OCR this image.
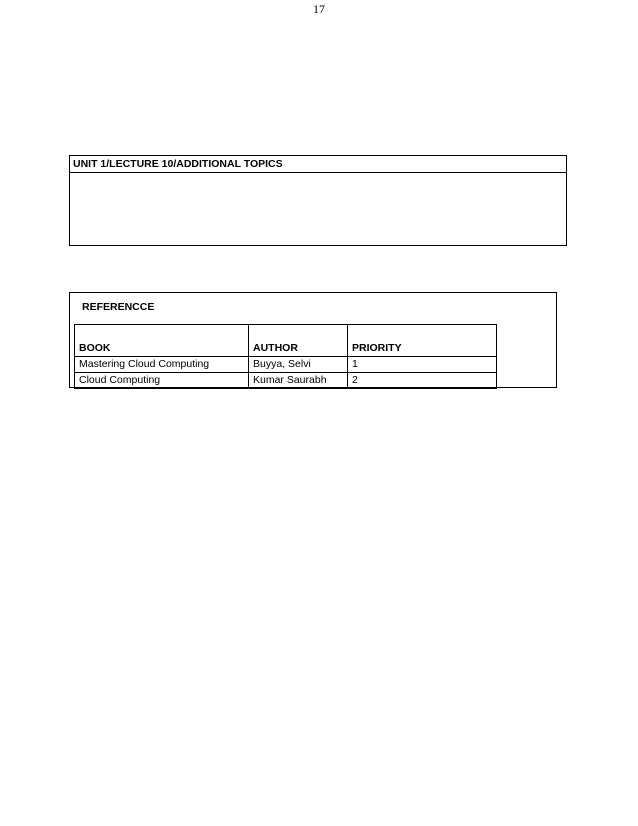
17
UNIT 1/LECTURE 10/ADDITIONAL TOPICS
REFERENCCE
BOOK	AUTHOR	PRIORITY
Mastering Cloud Computing	Buyya, Selvi	1
Cloud Computing	Kumar Saurabh	2
